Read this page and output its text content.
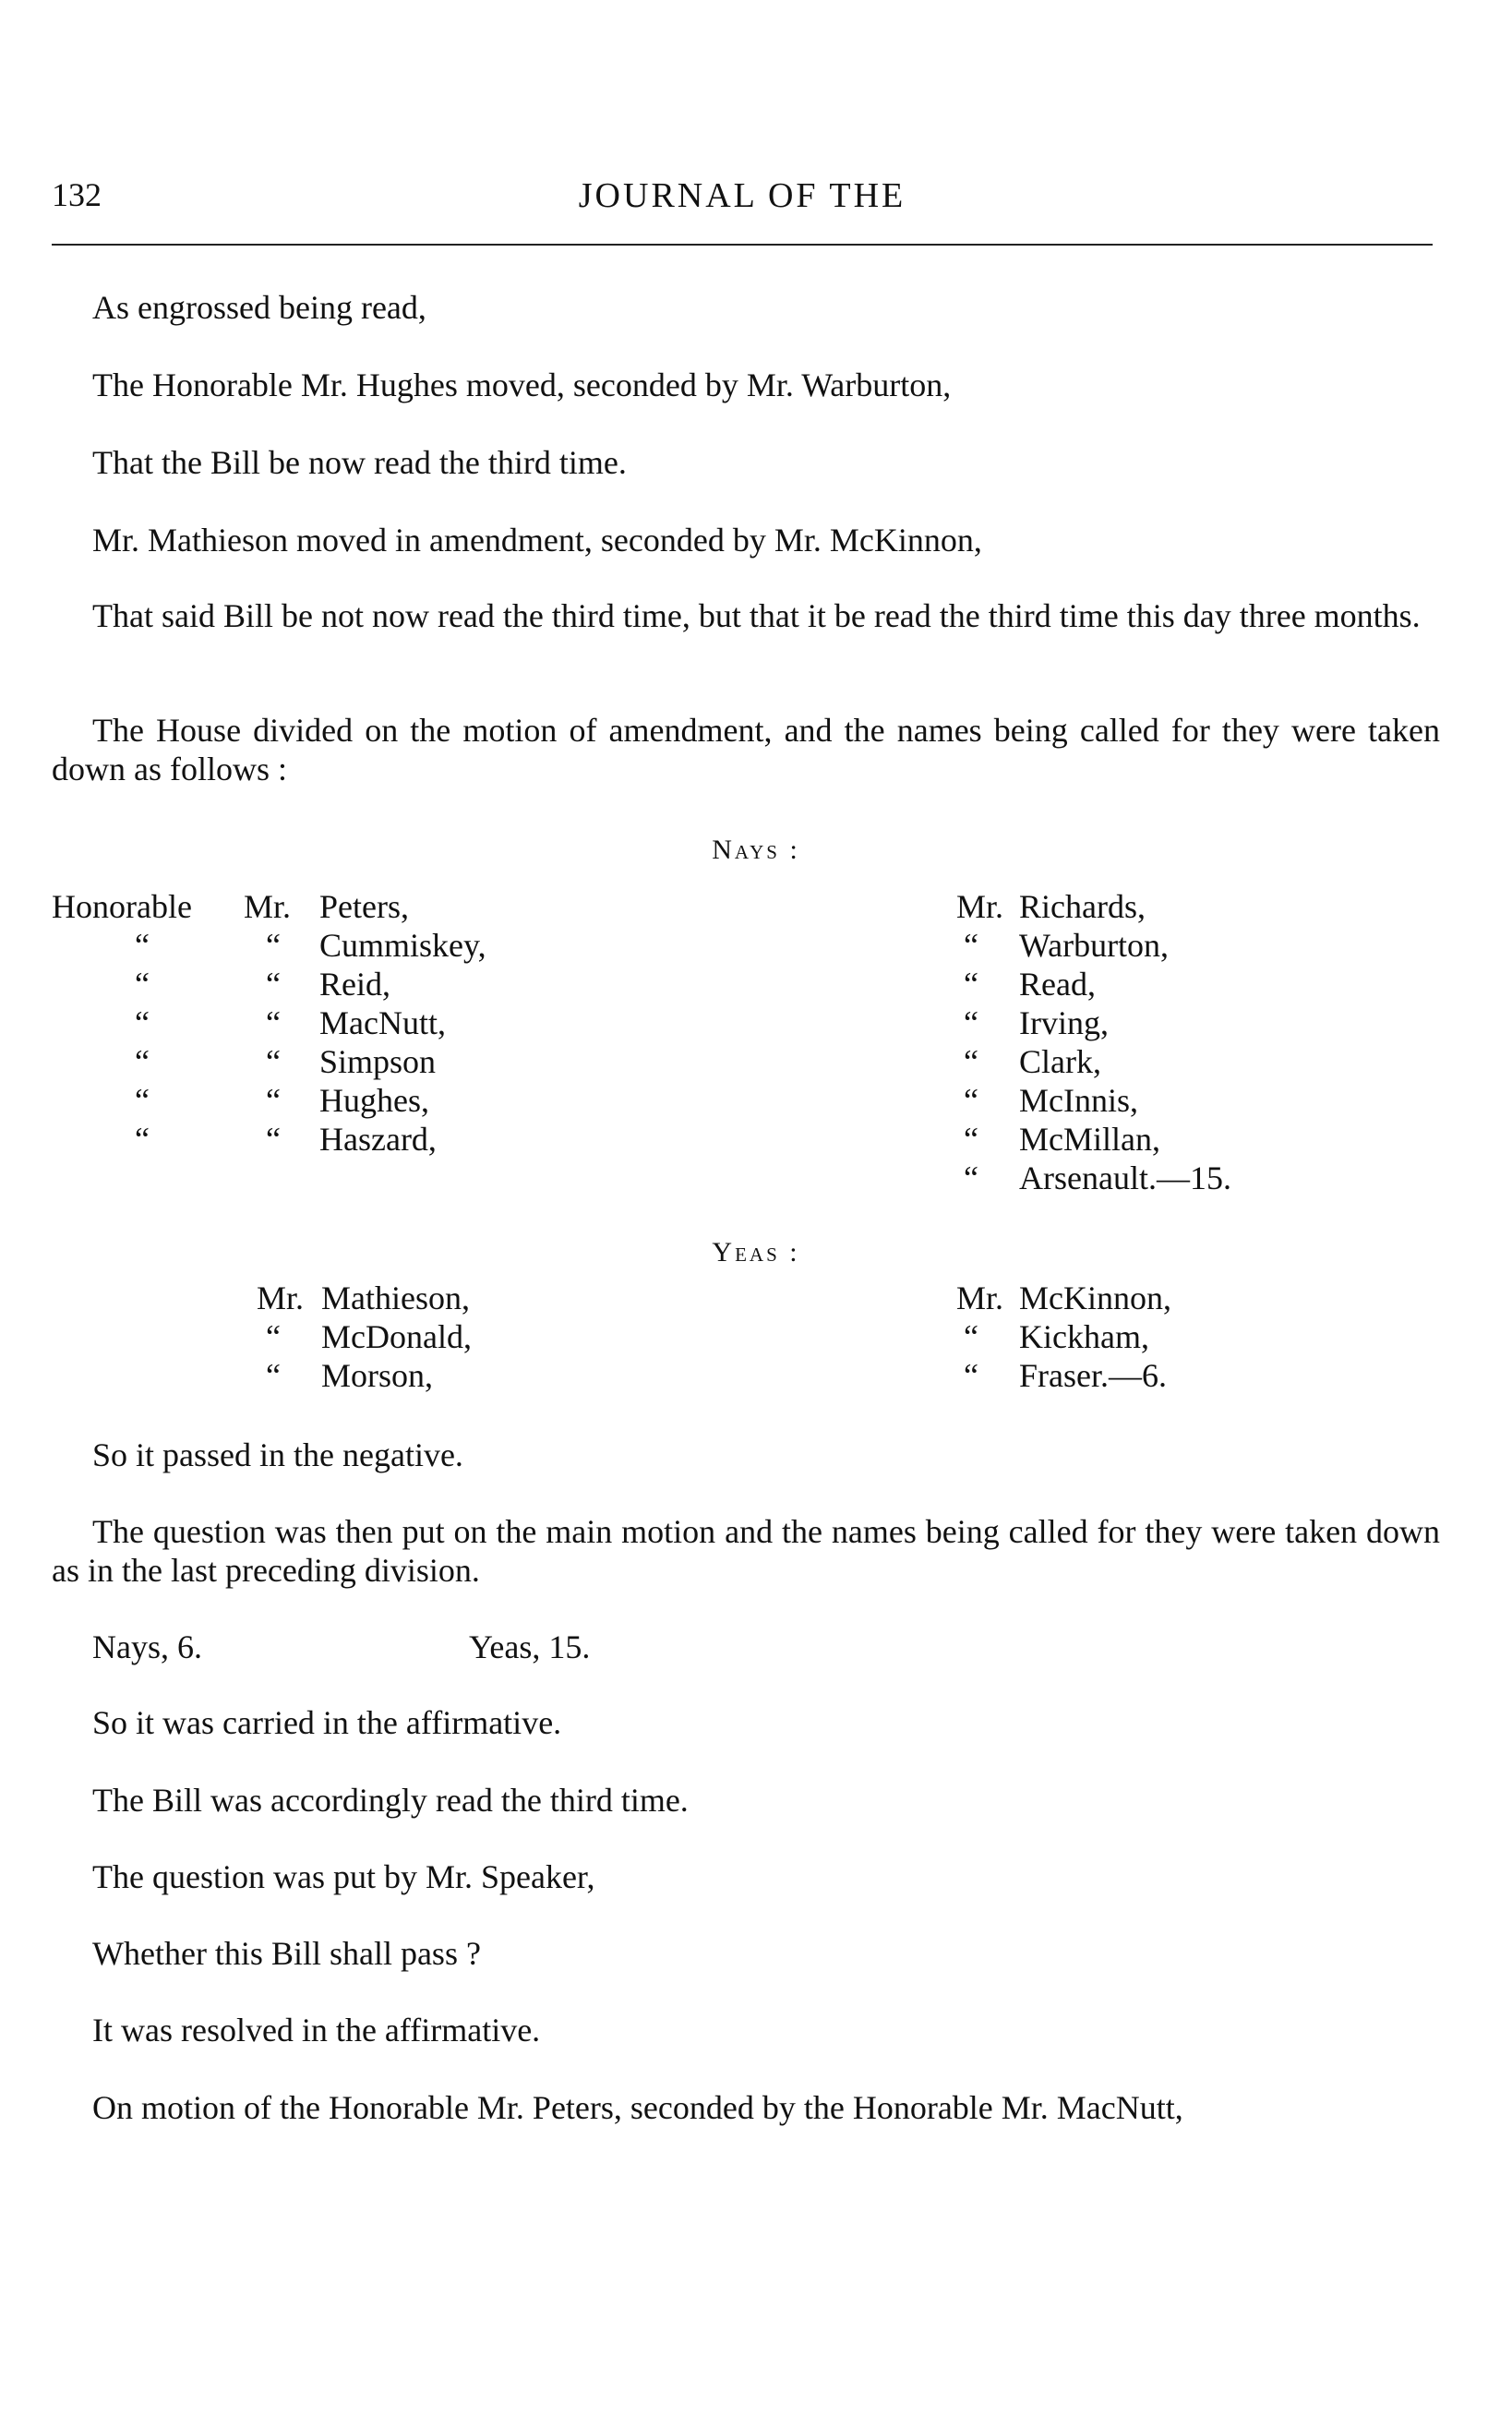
132	JOURNAL OF THE

As engrossed being read,

The Honorable Mr. Hughes moved, seconded by Mr. Warburton,

That the Bill be now read the third time.

Mr. Mathieson moved in amendment, seconded by Mr. McKinnon,

That said Bill be not now read the third time, but that it be read the third time this day three months.

The House divided on the motion of amendment, and the names being called for they were taken down as follows :

Nays :
Honorable Mr. Peters,
“	“ Cummiskey,
“	“ Reid,
“	“ MacNutt,
“	“ Simpson
“	“ Hughes,
“	“ Haszard,
Mr. Richards,
“ Warburton,
“ Read,
“ Irving,
“ Clark,
“ McInnis,
“ McMillan,
“ Arsenault.—15.
Yeas :
Mr. Mathieson,
“ McDonald,
“ Morson,
Mr. McKinnon,
“ Kickham,
“ Fraser.—6.

So it passed in the negative.

The question was then put on the main motion and the names being called for they were taken down as in the last preceding division.

Nays, 6.	Yeas, 15.

So it was carried in the affirmative.

The Bill was accordingly read the third time.

The question was put by Mr. Speaker,

Whether this Bill shall pass ?

It was resolved in the affirmative.

On motion of the Honorable Mr. Peters, seconded by the Honorable Mr. MacNutt,
